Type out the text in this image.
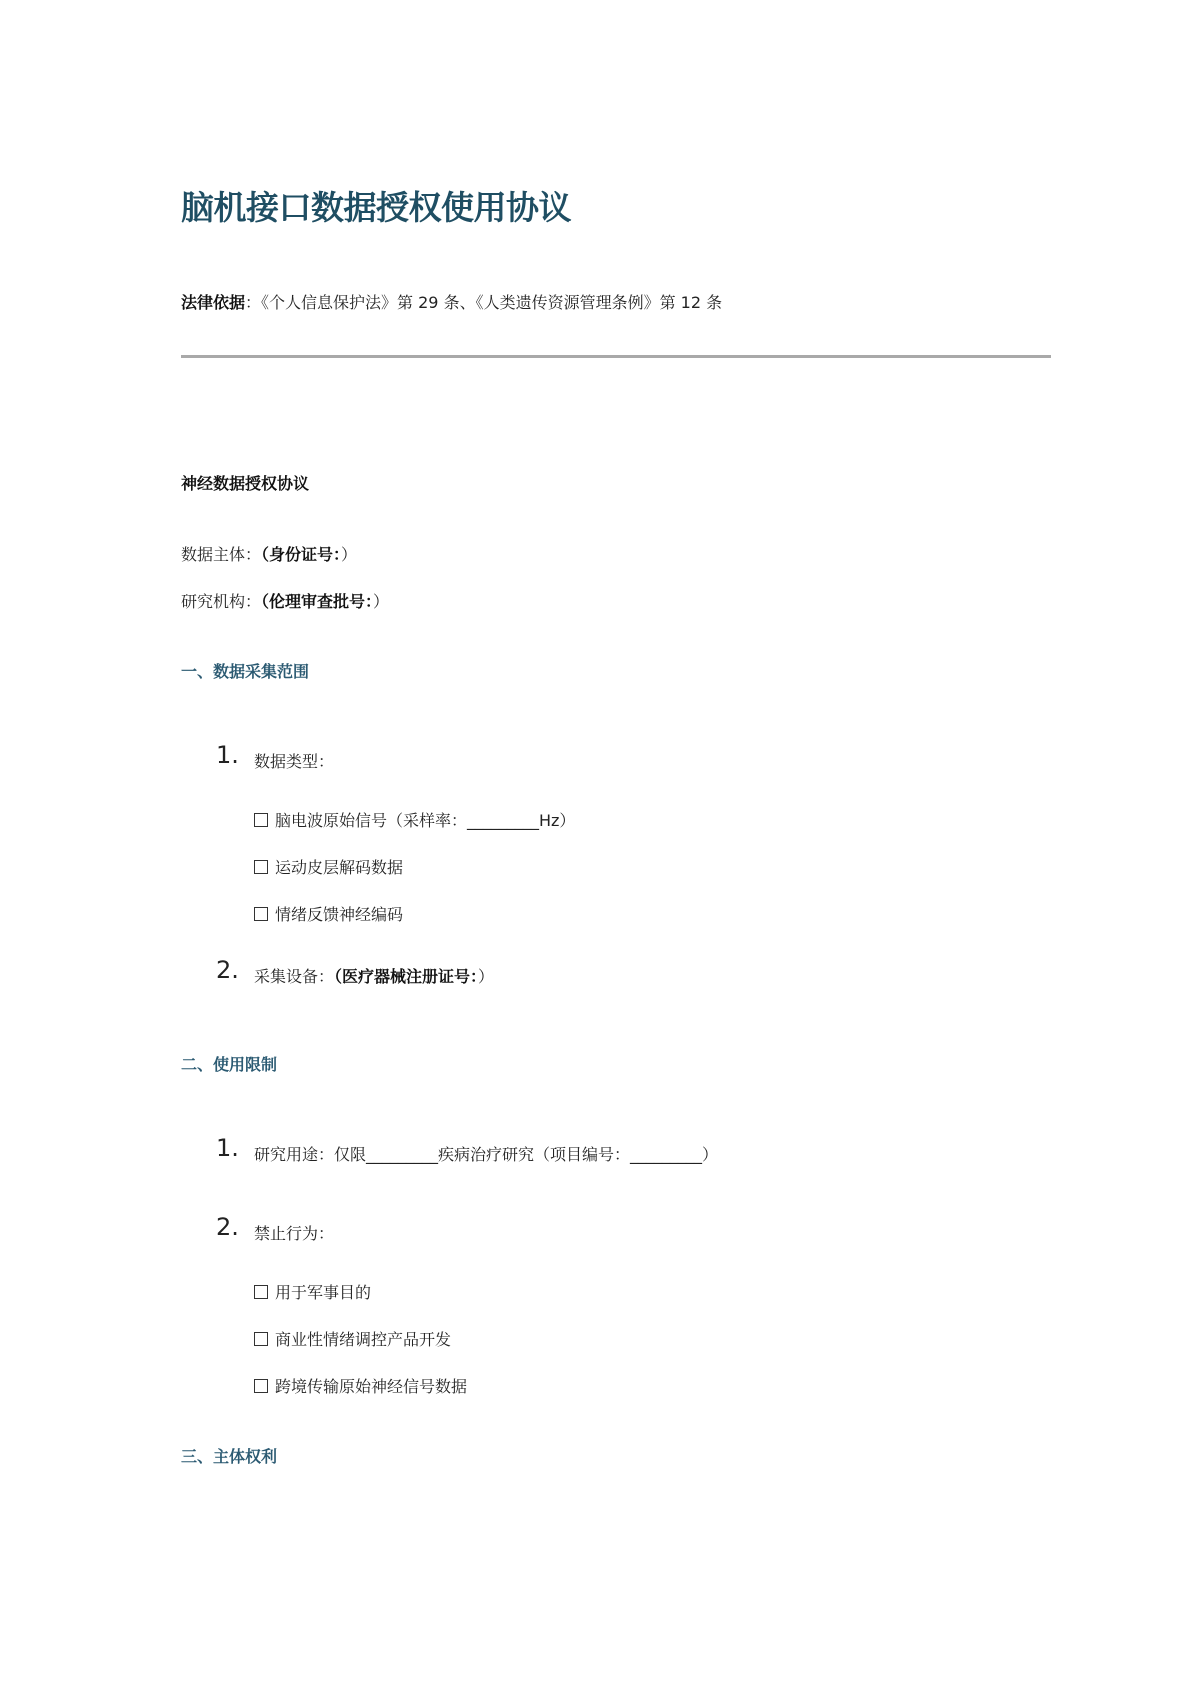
脑机接口数据授权使用协议
法律依据：《个人信息保护法》第 29 条、《人类遗传资源管理条例》第 12 条
神经数据授权协议
数据主体：（身份证号：）
研究机构：（伦理审查批号：）
一、数据采集范围
1. 数据类型：
脑电波原始信号（采样率：_________Hz）
运动皮层解码数据
情绪反馈神经编码
2. 采集设备：（医疗器械注册证号：）
二、使用限制
1. 研究用途：仅限_________疾病治疗研究（项目编号：_________）
2. 禁止行为：
用于军事目的
商业性情绪调控产品开发
跨境传输原始神经信号数据
三、主体权利
